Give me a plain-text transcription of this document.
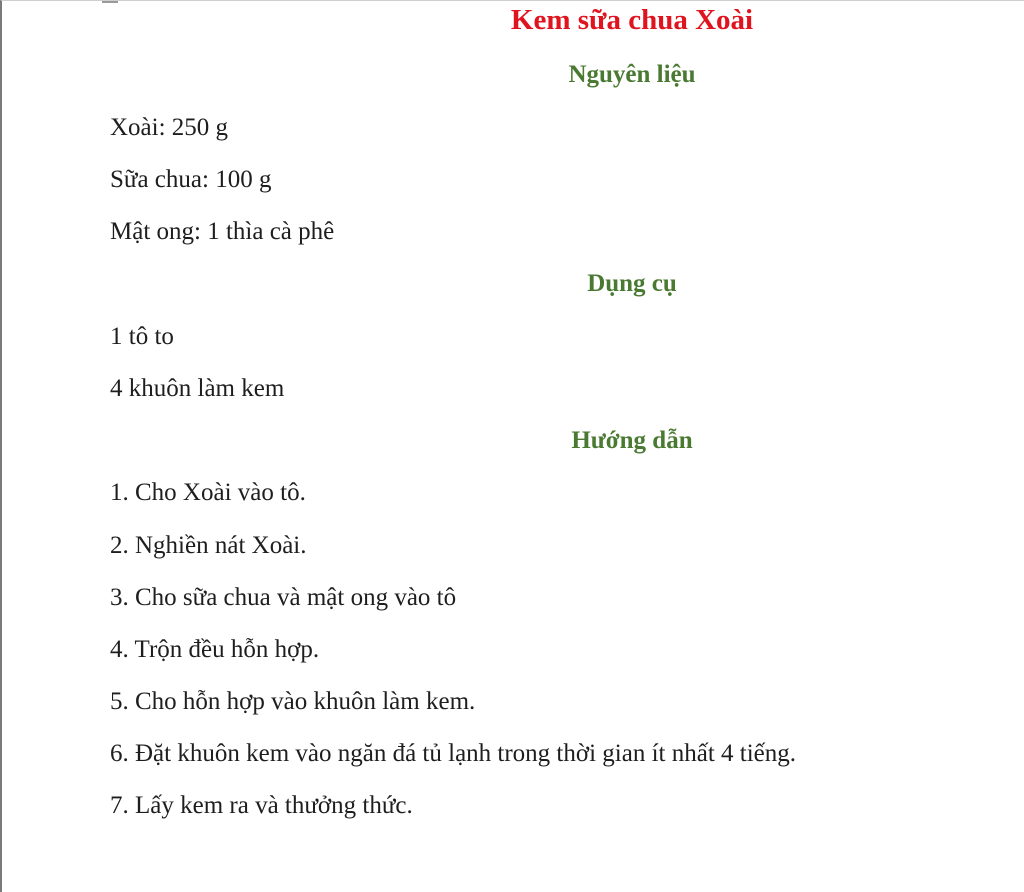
Kem sữa chua Xoài
Nguyên liệu

Xoài: 250 g

Sữa chua: 100 g

Mật ong: 1 thìa cà phê

Dụng cụ

1 tô to

4 khuôn làm kem

Hướng dẫn

1. Cho Xoài vào tô.

2. Nghiền nát Xoài.

3. Cho sữa chua và mật ong vào tô

4. Trộn đều hỗn hợp.

5. Cho hỗn hợp vào khuôn làm kem.

6. Đặt khuôn kem vào ngăn đá tủ lạnh trong thời gian ít nhất 4 tiếng.

7. Lấy kem ra và thưởng thức.
